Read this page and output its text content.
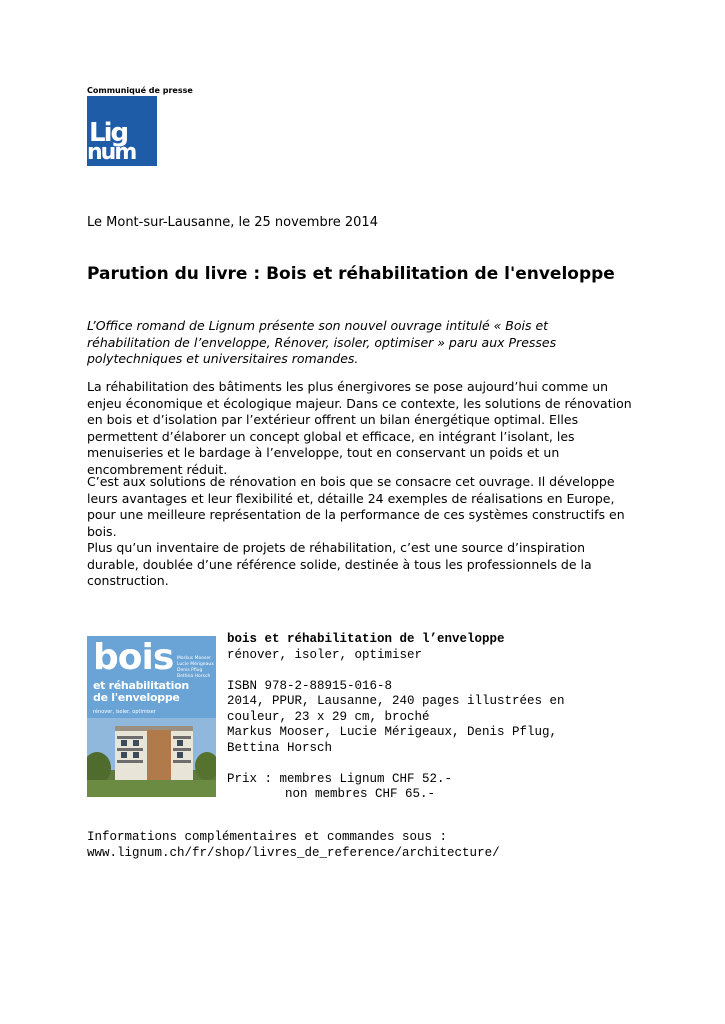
Communiqué de presse
Lig
num
Le Mont-sur-Lausanne, le 25 novembre 2014
Parution du livre : Bois et réhabilitation de l'enveloppe
L’Office romand de Lignum présente son nouvel ouvrage intitulé « Bois et réhabilitation de l’enveloppe, Rénover, isoler, optimiser » paru aux Presses polytechniques et universitaires romandes.
La réhabilitation des bâtiments les plus énergivores se pose aujourd’hui comme un enjeu économique et écologique majeur. Dans ce contexte, les solutions de rénovation en bois et d’isolation par l’extérieur offrent un bilan énergétique optimal. Elles permettent d’élaborer un concept global et efficace, en intégrant l’isolant, les menuiseries et le bardage à l’enveloppe, tout en conservant un poids et un encombrement réduit.

C’est aux solutions de rénovation en bois que se consacre cet ouvrage. Il développe leurs avantages et leur flexibilité et, détaille 24 exemples de réalisations en Europe, pour une meilleure représentation de la performance de ces systèmes constructifs en bois.

Plus qu’un inventaire de projets de réhabilitation, c’est une source d’inspiration durable, doublée d’une référence solide, destinée à tous les professionnels de la construction.

bois
et réhabilitation
de l'enveloppe
rénover, isoler, optimiser
Markus Mooser
Lucie Mérigeaux
Denis Pflug
Bettina Horsch
bois et réhabilitation de l’enveloppe
rénover, isoler, optimiser
ISBN 978-2-88915-016-8
2014, PPUR, Lausanne, 240 pages illustrées en
couleur, 23 x 29 cm, broché
Markus Mooser, Lucie Mérigeaux, Denis Pflug,
Bettina Horsch
Prix : membres Lignum CHF 52.-
non membres CHF 65.-
Informations complémentaires et commandes sous :
www.lignum.ch/fr/shop/livres_de_reference/architecture/
